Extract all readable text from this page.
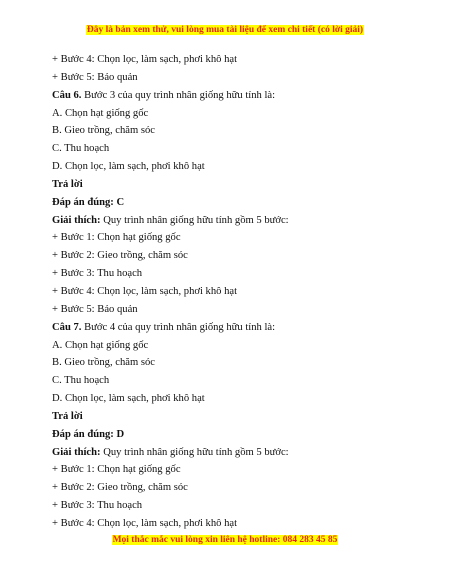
Đây là bản xem thử, vui lòng mua tài liệu để xem chi tiết (có lời giải)
+ Bước 4: Chọn lọc, làm sạch, phơi khô hạt
+ Bước 5: Bảo quản
Câu 6. Bước 3 của quy trình nhân giống hữu tính là:
A. Chọn hạt giống gốc
B. Gieo trồng, chăm sóc
C. Thu hoạch
D. Chọn lọc, làm sạch, phơi khô hạt
Trả lời
Đáp án đúng: C
Giải thích: Quy trình nhân giống hữu tính gồm 5 bước:
+ Bước 1: Chọn hạt giống gốc
+ Bước 2: Gieo trồng, chăm sóc
+ Bước 3: Thu hoạch
+ Bước 4: Chọn lọc, làm sạch, phơi khô hạt
+ Bước 5: Bảo quản
Câu 7. Bước 4 của quy trình nhân giống hữu tính là:
A. Chọn hạt giống gốc
B. Gieo trồng, chăm sóc
C. Thu hoạch
D. Chọn lọc, làm sạch, phơi khô hạt
Trả lời
Đáp án đúng: D
Giải thích: Quy trình nhân giống hữu tính gồm 5 bước:
+ Bước 1: Chọn hạt giống gốc
+ Bước 2: Gieo trồng, chăm sóc
+ Bước 3: Thu hoạch
+ Bước 4: Chọn lọc, làm sạch, phơi khô hạt
Mọi thắc mắc vui lòng xin liên hệ hotline: 084 283 45 85
